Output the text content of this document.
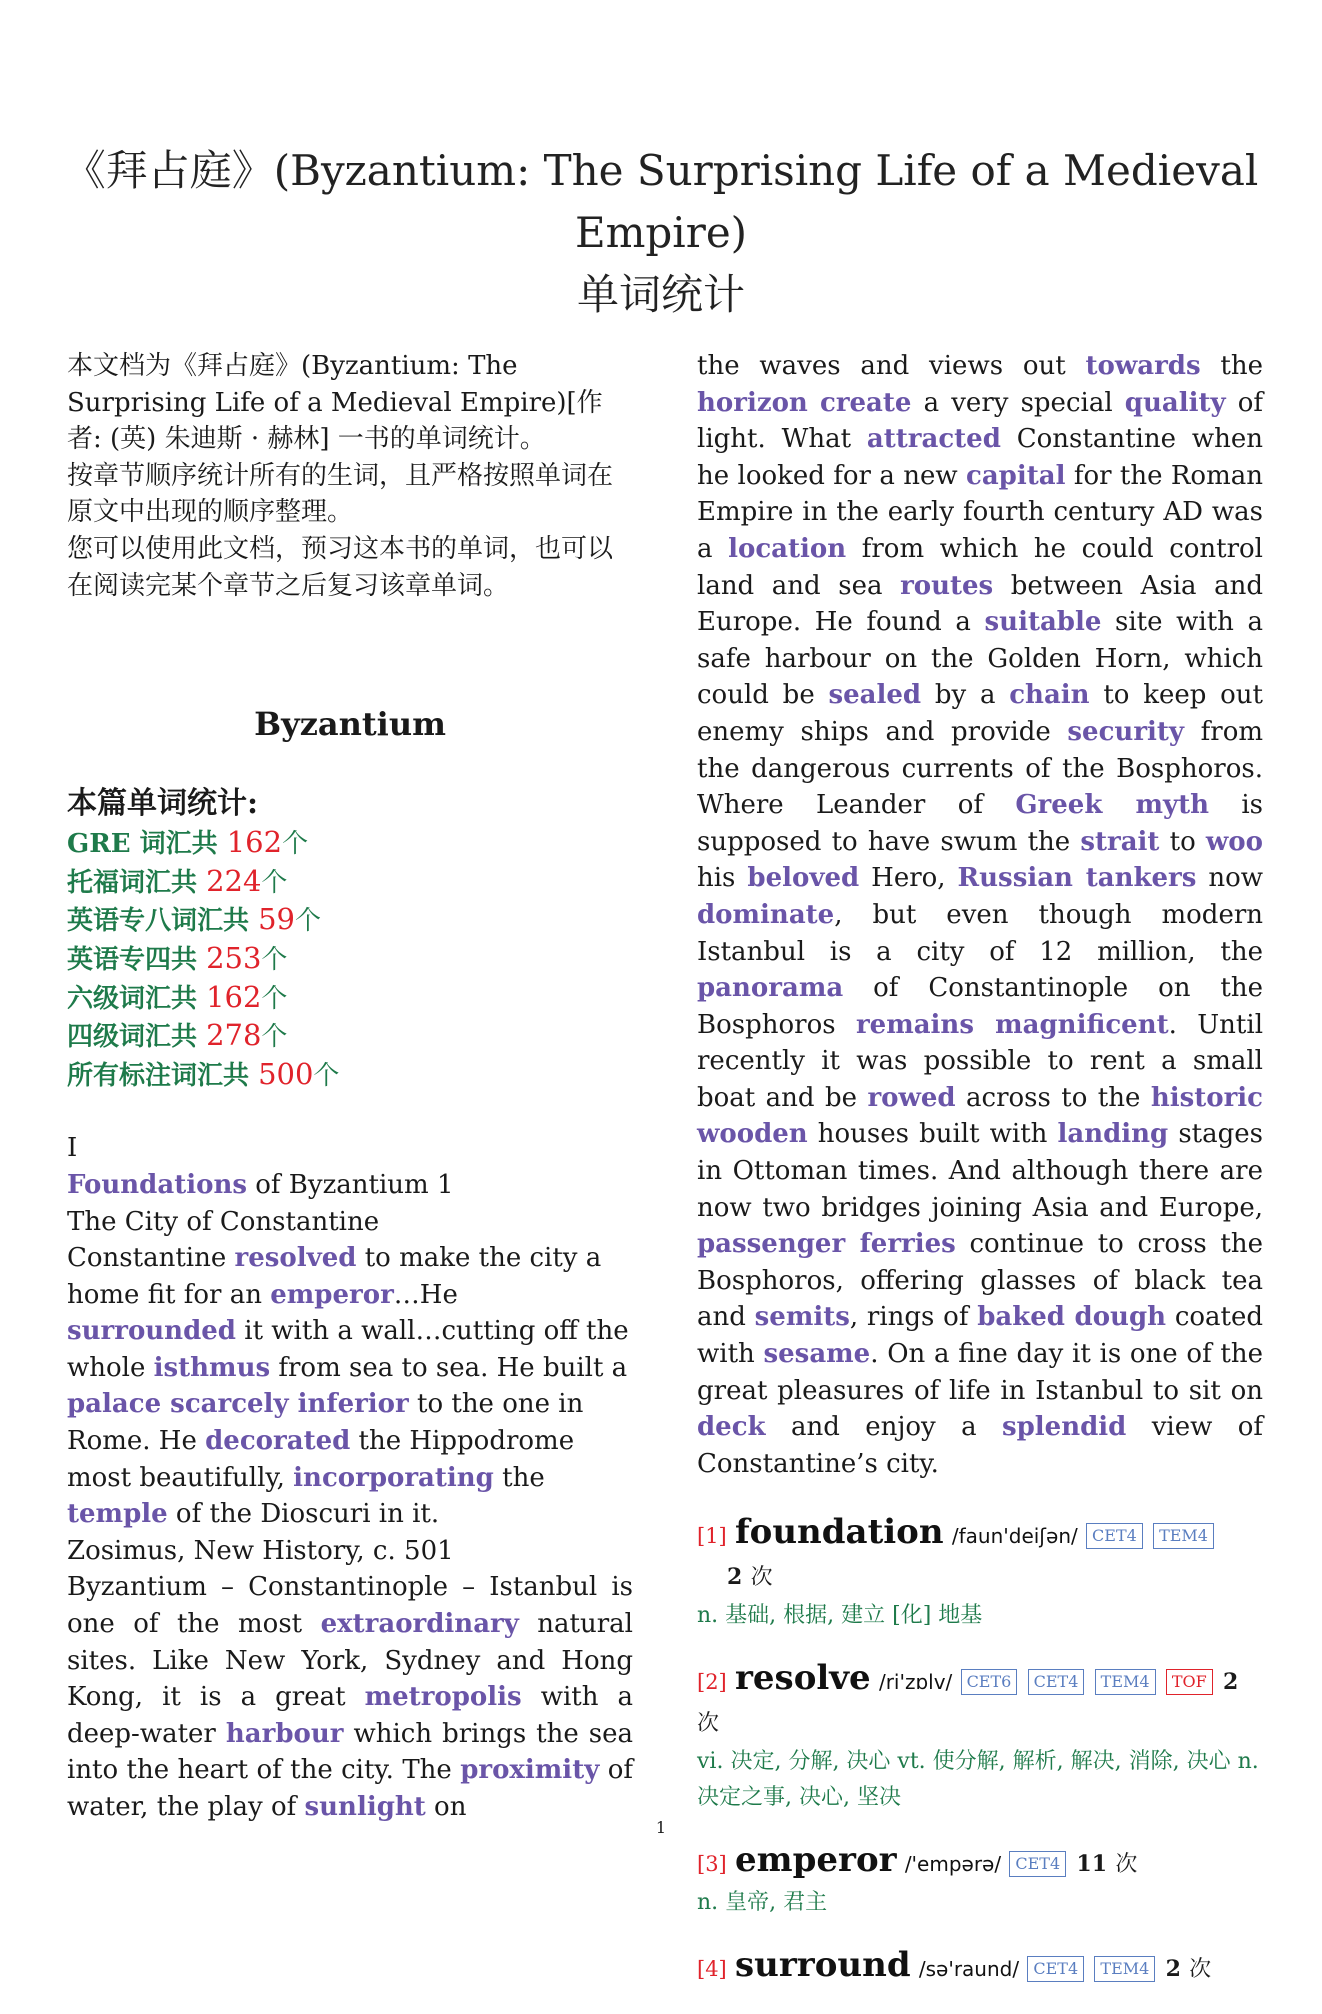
《拜占庭》(Byzantium: The Surprising Life of a Medieval Empire)
单词统计

本文档为《拜占庭》(Byzantium: The Surprising Life of a Medieval Empire)[作者: (英) 朱迪斯 · 赫林] 一书的单词统计。

按章节顺序统计所有的生词，且严格按照单词在原文中出现的顺序整理。

您可以使用此文档，预习这本书的单词，也可以在阅读完某个章节之后复习该章单词。

Byzantium
本篇单词统计:
GRE 词汇共 162个
托福词汇共 224个
英语专八词汇共 59个
英语专四共 253个
六级词汇共 162个
四级词汇共 278个
所有标注词汇共 500个
I
Foundations of Byzantium 1
The City of Constantine

Constantine resolved to make the city a home fit for an emperor…He surrounded it with a wall…cutting off the whole isthmus from sea to sea. He built a palace scarcely inferior to the one in Rome. He decorated the Hippodrome most beautifully, incorporating the temple of the Dioscuri in it.

Zosimus, New History, c. 501

Byzantium – Constantinople – Istanbul is one of the most extraordinary natural sites. Like New York, Sydney and Hong Kong, it is a great metropolis with a deep-water harbour which brings the sea into the heart of the city. The proximity of water, the play of sunlight on

the waves and views out towards the horizon create a very special quality of light. What attracted Constantine when he looked for a new capital for the Roman Empire in the early fourth century AD was a location from which he could control land and sea routes between Asia and Europe. He found a suitable site with a safe harbour on the Golden Horn, which could be sealed by a chain to keep out enemy ships and provide security from the dangerous currents of the Bosphoros. Where Leander of Greek myth is supposed to have swum the strait to woo his beloved Hero, Russian tankers now dominate, but even though modern Istanbul is a city of 12 million, the panorama of Constantinople on the Bosphoros remains magnificent. Until recently it was possible to rent a small boat and be rowed across to the historic wooden houses built with landing stages in Ottoman times. And although there are now two bridges joining Asia and Europe, passenger ferries continue to cross the Bosphoros, offering glasses of black tea and semits, rings of baked dough coated with sesame. On a fine day it is one of the great pleasures of life in Istanbul to sit on deck and enjoy a splendid view of Constantine’s city.

[1] foundation /faun'deiʃən/ CET4 TEM4 2 次
n. 基础, 根据, 建立 [化] 地基
[2] resolve /ri'zɒlv/ CET6 CET4 TEM4 TOF 2 次
vi. 决定, 分解, 决心 vt. 使分解, 解析, 解决, 消除, 决心 n. 决定之事, 决心, 坚决
[3] emperor /'empərə/ CET4 11 次
n. 皇帝, 君主
[4] surround /sə'raund/ CET4 TEM4 2 次
1
